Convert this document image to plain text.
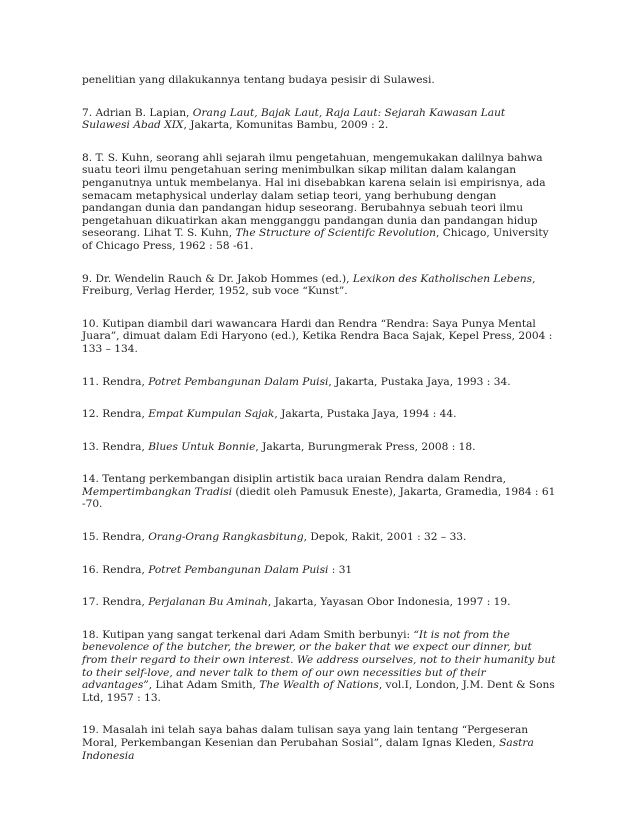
penelitian yang dilakukannya tentang budaya pesisir di Sulawesi.

7. Adrian B. Lapian, Orang Laut, Bajak Laut, Raja Laut: Sejarah Kawasan Laut Sulawesi Abad XIX, Jakarta, Komunitas Bambu, 2009 : 2.

8. T. S. Kuhn, seorang ahli sejarah ilmu pengetahuan, mengemukakan dalilnya bahwa suatu teori ilmu pengetahuan sering menimbulkan sikap militan dalam kalangan penganutnya untuk membelanya. Hal ini disebabkan karena selain isi empirisnya, ada semacam metaphysical underlay dalam setiap teori, yang berhubung dengan pandangan dunia dan pandangan hidup seseorang. Berubahnya sebuah teori ilmu pengetahuan dikuatirkan akan mengganggu pandangan dunia dan pandangan hidup seseorang. Lihat T. S. Kuhn, The Structure of Scientifc Revolution, Chicago, University of Chicago Press, 1962 : 58 -61.

9. Dr. Wendelin Rauch & Dr. Jakob Hommes (ed.), Lexikon des Katholischen Lebens, Freiburg, Verlag Herder, 1952, sub voce “Kunst”.

10. Kutipan diambil dari wawancara Hardi dan Rendra “Rendra: Saya Punya Mental Juara”, dimuat dalam Edi Haryono (ed.), Ketika Rendra Baca Sajak, Kepel Press, 2004 : 133 – 134.

11. Rendra, Potret Pembangunan Dalam Puisi, Jakarta, Pustaka Jaya, 1993 : 34.

12. Rendra, Empat Kumpulan Sajak, Jakarta, Pustaka Jaya, 1994 : 44.

13. Rendra, Blues Untuk Bonnie, Jakarta, Burungmerak Press, 2008 : 18.

14. Tentang perkembangan disiplin artistik baca uraian Rendra dalam Rendra, Mempertimbangkan Tradisi (diedit oleh Pamusuk Eneste), Jakarta, Gramedia, 1984 : 61 -70.

15. Rendra, Orang-Orang Rangkasbitung, Depok, Rakit, 2001 : 32 – 33.

16. Rendra, Potret Pembangunan Dalam Puisi : 31

17. Rendra, Perjalanan Bu Aminah, Jakarta, Yayasan Obor Indonesia, 1997 : 19.

18. Kutipan yang sangat terkenal dari Adam Smith berbunyi: “It is not from the benevolence of the butcher, the brewer, or the baker that we expect our dinner, but from their regard to their own interest. We address ourselves, not to their humanity but to their self-love, and never talk to them of our own necessities but of their advantages”, Lihat Adam Smith, The Wealth of Nations, vol.I, London, J.M. Dent & Sons Ltd, 1957 : 13.

19. Masalah ini telah saya bahas dalam tulisan saya yang lain tentang “Pergeseran Moral, Perkembangan Kesenian dan Perubahan Sosial”, dalam Ignas Kleden, Sastra Indonesia
